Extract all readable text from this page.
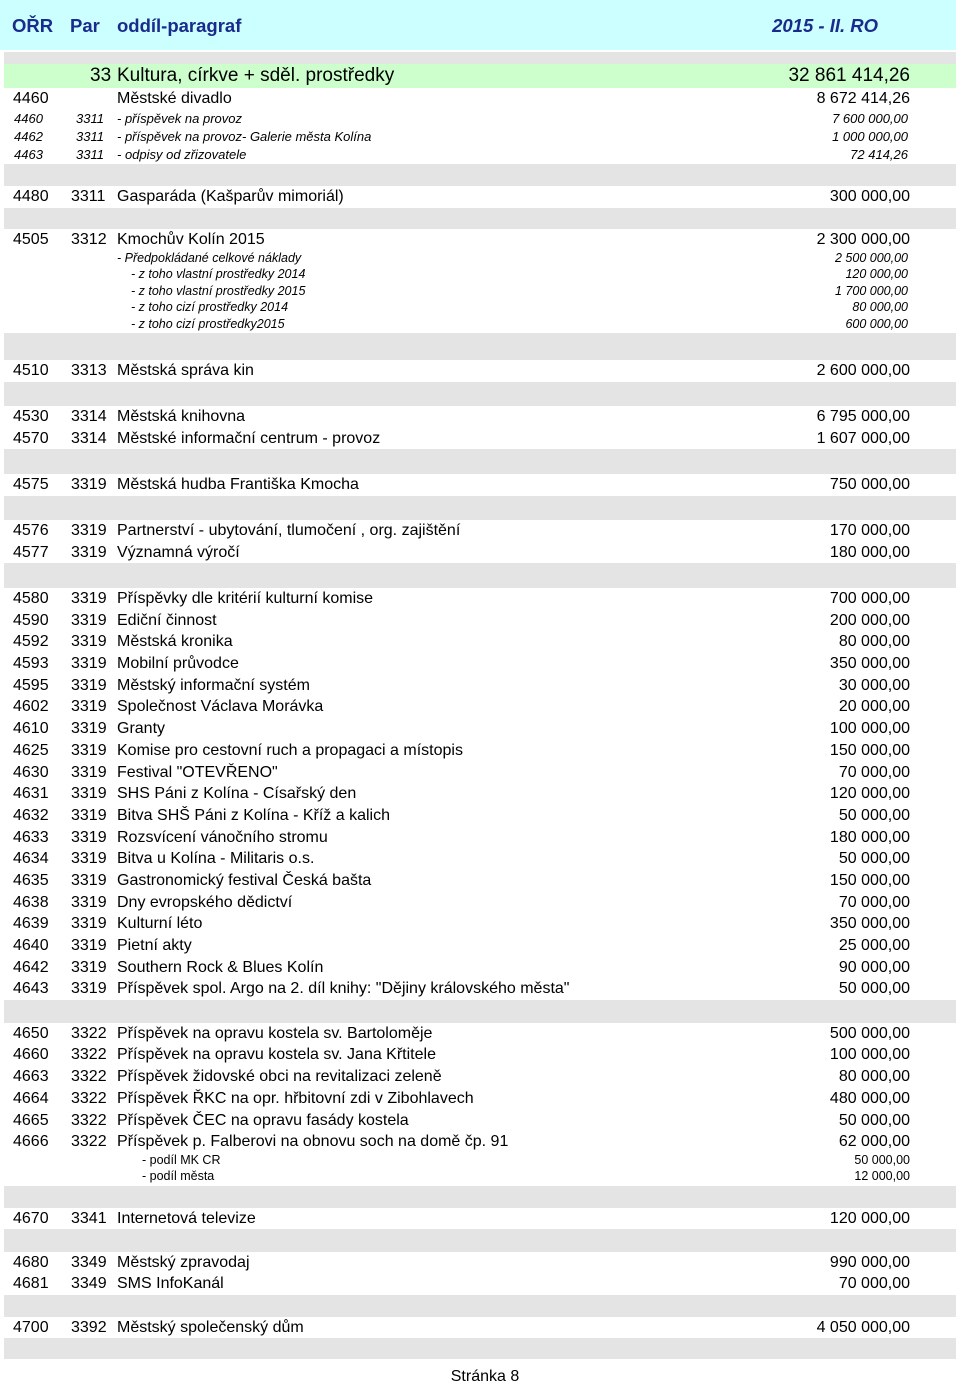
OŘR Par oddíl-paragraf	2015 - II. RO
33 Kultura, církve + sděl. prostředky	32 861 414,26
4460	Městské divadlo	8 672 414,26
4460	3311 - příspěvek na provoz	7 600 000,00
4462	3311 - příspěvek na provoz- Galerie města Kolína	1 000 000,00
4463	3311 - odpisy od zřizovatele	72 414,26
4480 3311 Gasparáda (Kašparův mimoriál)	300 000,00
4505 3312 Kmochův Kolín 2015	2 300 000,00
- Předpokládané celkové náklady	2 500 000,00
- z toho vlastní prostředky 2014	120 000,00
- z toho vlastní prostředky 2015	1 700 000,00
- z toho cizí prostředky 2014	80 000,00
- z toho cizí prostředky2015	600 000,00
4510 3313 Městská správa kin	2 600 000,00
4530 3314 Městská knihovna	6 795 000,00
4570 3314 Městské informační centrum - provoz	1 607 000,00
4575 3319 Městská hudba Františka Kmocha	750 000,00
4576 3319 Partnerství - ubytování, tlumočení , org. zajištění	170 000,00
4577 3319 Významná výročí	180 000,00
4580 3319 Příspěvky dle kritérií kulturní komise	700 000,00
4590 3319 Ediční činnost	200 000,00
4592 3319 Městská kronika	80 000,00
4593 3319 Mobilní průvodce	350 000,00
4595 3319 Městský informační systém	30 000,00
4602 3319 Společnost Václava Morávka	20 000,00
4610 3319 Granty	100 000,00
4625 3319 Komise pro cestovní ruch a propagaci a místopis	150 000,00
4630 3319 Festival "OTEVŘENO"	70 000,00
4631 3319 SHS Páni z Kolína - Císařský den	120 000,00
4632 3319 Bitva SHŠ Páni z Kolína - Kříž a kalich	50 000,00
4633 3319 Rozsvícení vánočního stromu	180 000,00
4634 3319 Bitva u Kolína - Militaris o.s.	50 000,00
4635 3319 Gastronomický festival Česká bašta	150 000,00
4638 3319 Dny evropského dědictví	70 000,00
4639 3319 Kulturní léto	350 000,00
4640 3319 Pietní akty	25 000,00
4642 3319 Southern Rock & Blues Kolín	90 000,00
4643 3319 Příspěvek spol. Argo na 2. díl knihy: "Dějiny královského města"	50 000,00
4650 3322 Příspěvek na opravu kostela sv. Bartoloměje	500 000,00
4660 3322 Příspěvek na opravu kostela sv. Jana Křtitele	100 000,00
4663 3322 Příspěvek židovské obci na revitalizaci zeleně	80 000,00
4664 3322 Příspěvek ŘKC na opr. hřbitovní zdi v Zibohlavech	480 000,00
4665 3322 Příspěvek ČEC na opravu fasády kostela	50 000,00
4666 3322 Příspěvek p. Falberovi na obnovu soch na domě čp. 91	62 000,00
- podíl MK CR	50 000,00
- podíl města	12 000,00
4670 3341 Internetová televize	120 000,00
4680 3349 Městský zpravodaj	990 000,00
4681 3349 SMS InfoKanál	70 000,00
4700 3392 Městský společenský dům	4 050 000,00
Stránka 8
